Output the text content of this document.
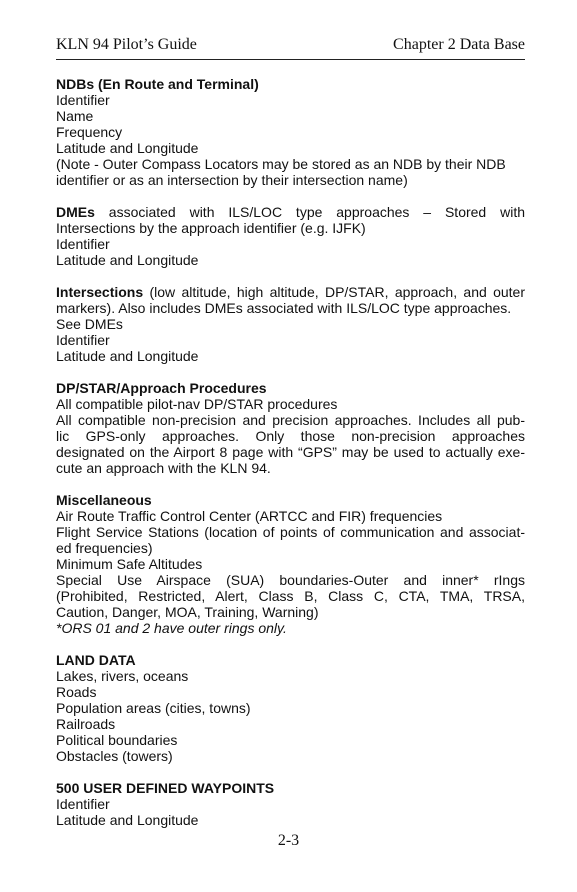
KLN 94 Pilot’s Guide	Chapter 2 Data Base
NDBs (En Route and Terminal)
Identifier
Name
Frequency
Latitude and Longitude
(Note - Outer Compass Locators may be stored as an NDB by their NDB
identifier or as an intersection by their intersection name)
DMEs associated with ILS/LOC type approaches – Stored with
Intersections by the approach identifier (e.g. IJFK)
Identifier
Latitude and Longitude
Intersections (low altitude, high altitude, DP/STAR, approach, and outer
markers). Also includes DMEs associated with ILS/LOC type approaches.
See DMEs
Identifier
Latitude and Longitude
DP/STAR/Approach Procedures
All compatible pilot-nav DP/STAR procedures
All compatible non-precision and precision approaches. Includes all pub-
lic GPS-only approaches. Only those non-precision approaches
designated on the Airport 8 page with “GPS” may be used to actually exe-
cute an approach with the KLN 94.
Miscellaneous
Air Route Traffic Control Center (ARTCC and FIR) frequencies
Flight Service Stations (location of points of communication and associat-
ed frequencies)
Minimum Safe Altitudes
Special Use Airspace (SUA) boundaries-Outer and inner* rIngs
(Prohibited, Restricted, Alert, Class B, Class C, CTA, TMA, TRSA,
Caution, Danger, MOA, Training, Warning)
*ORS 01 and 2 have outer rings only.
LAND DATA
Lakes, rivers, oceans
Roads
Population areas (cities, towns)
Railroads
Political boundaries
Obstacles (towers)
500 USER DEFINED WAYPOINTS
Identifier
Latitude and Longitude
2-3
